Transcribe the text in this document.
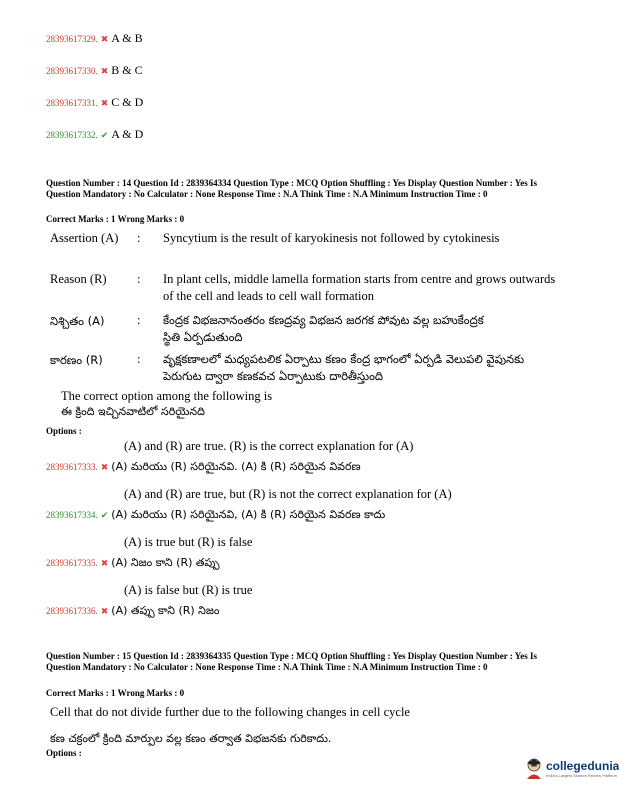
28393617329. ✖ A & B
28393617330. ✖ B & C
28393617331. ✖ C & D
28393617332. ✔ A & D
Question Number : 14 Question Id : 2839364334 Question Type : MCQ Option Shuffling : Yes Display Question Number : Yes Is Question Mandatory : No Calculator : None Response Time : N.A Think Time : N.A Minimum Instruction Time : 0
Correct Marks : 1 Wrong Marks : 0
Assertion (A) : Syncytium is the result of karyokinesis not followed by cytokinesis
Reason (R) : In plant cells, middle lamella formation starts from centre and grows outwards of the cell and leads to cell wall formation
నిశ్చితం (A)	: కేంద్రక విభజనానంతరం కణద్రవ్య విభజన జరగక పోవుట వల్ల బహుకేంద్రక స్థితి ఏర్పడుతుంది
కారణం (R)	: వృక్షకణాలలో మధ్యపటలిక ఏర్పాటు కణం కేంద్ర భాగంలో ఏర్పడి వెలుపలి వైపునకు పెరుగుట ద్వారా కణకవచ ఏర్పాటుకు దారితీస్తుంది
The correct option among the following is
ఈ క్రింది ఇచ్చినవాటిలో సరియైనది
Options :
(A) and (R) are true. (R) is the correct explanation for (A)
28393617333. ✖ (A) మరియు (R) సరియైనవి. (A) కి (R) సరియైన వివరణ
(A) and (R) are true, but (R) is not the correct explanation for (A)
28393617334. ✔ (A) మరియు (R) సరియైనవి, (A) కి (R) సరియైన వివరణ కాదు
(A) is true but (R) is false
28393617335. ✖ (A) నిజం కాని (R) తప్పు
(A) is false but (R) is true
28393617336. ✖ (A) తప్పు కాని (R) నిజం
Question Number : 15 Question Id : 2839364335 Question Type : MCQ Option Shuffling : Yes Display Question Number : Yes Is Question Mandatory : No Calculator : None Response Time : N.A Think Time : N.A Minimum Instruction Time : 0
Correct Marks : 1 Wrong Marks : 0
Cell that do not divide further due to the following changes in cell cycle
కణ చక్రంలో క్రింది మార్పుల వల్ల కణం తర్వాత విభజనకు గురికాదు.
Options :
collegedunia
India's Largest Student Review Platform
